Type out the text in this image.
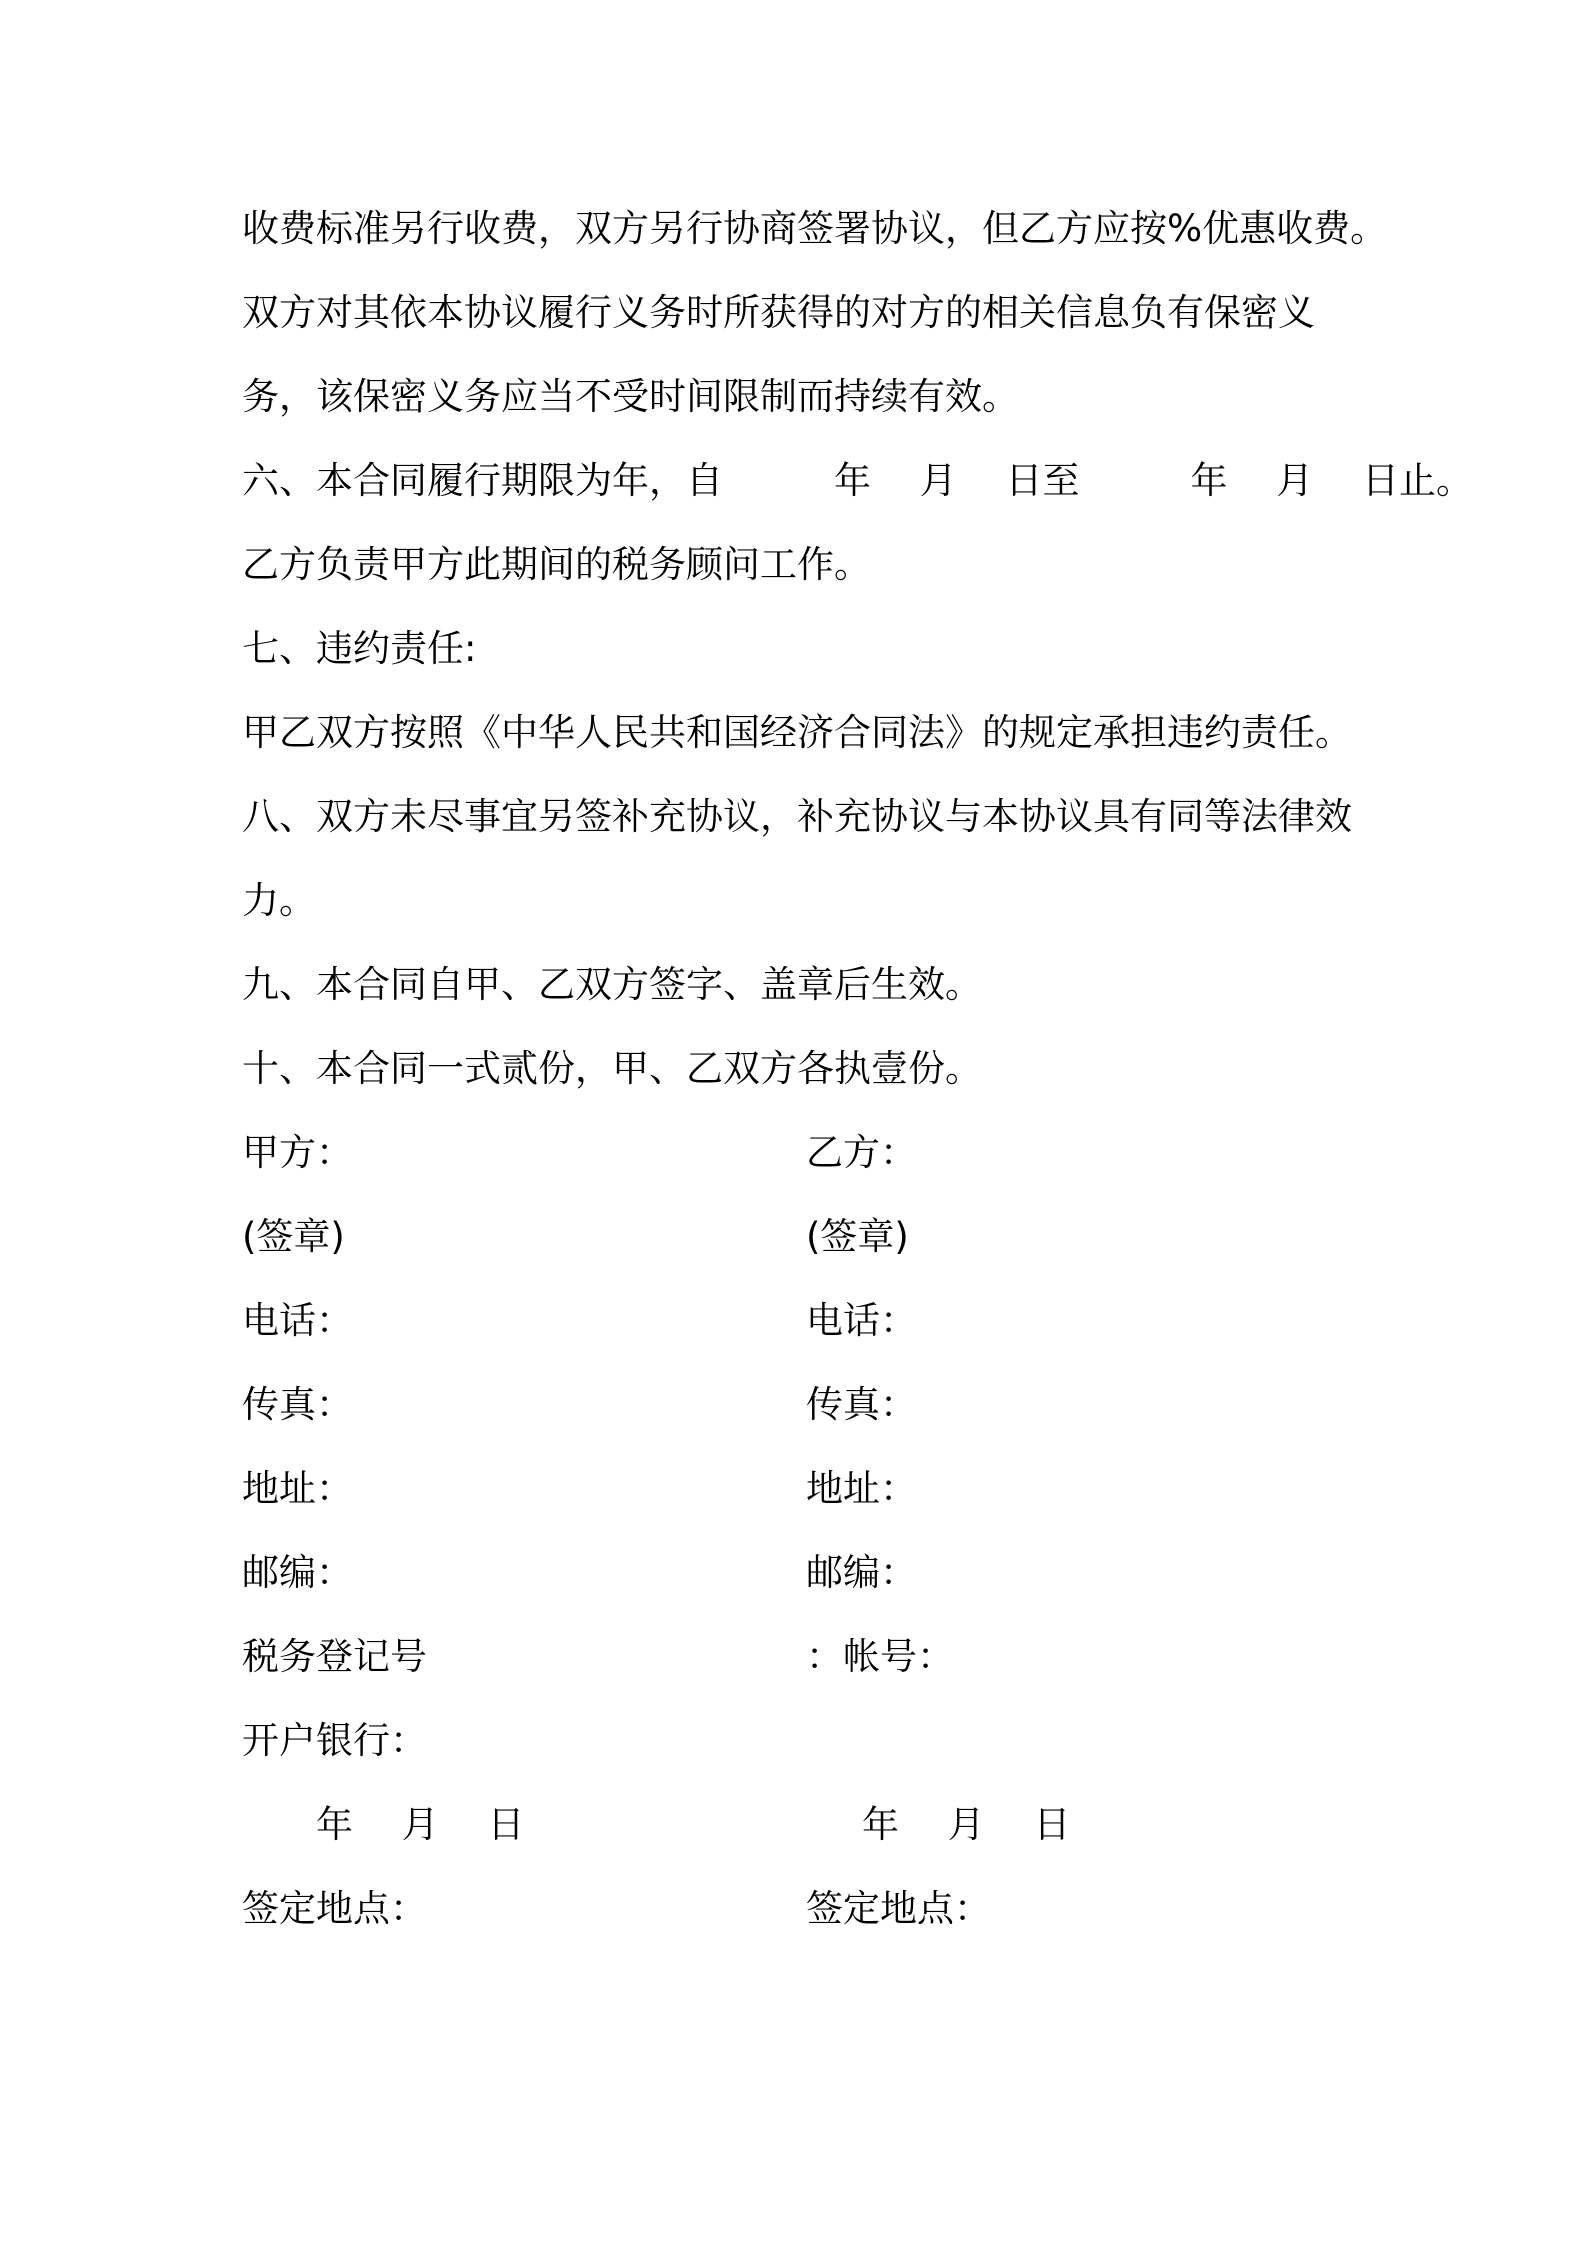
收费标准另行收费，双方另行协商签署协议，但乙方应按%优惠收费。
双方对其依本协议履行义务时所获得的对方的相关信息负有保密义
务，该保密义务应当不受时间限制而持续有效。
六、本合同履行期限为年，自　　　年　 月　 日至　　　年　 月　 日止。
乙方负责甲方此期间的税务顾问工作。
七、违约责任:
甲乙双方按照《中华人民共和国经济合同法》的规定承担违约责任。
八、双方未尽事宜另签补充协议，补充协议与本协议具有同等法律效
力。
九、本合同自甲、乙双方签字、盖章后生效。
十、本合同一式贰份，甲、乙双方各执壹份。
甲方：	乙方：
(签章)	(签章)
电话：	电话：
传真：	传真：
地址：	地址：
邮编：	邮编：
税务登记号	：帐号：
开户银行：
年　 月　 日	年　 月　 日
签定地点：	签定地点：
